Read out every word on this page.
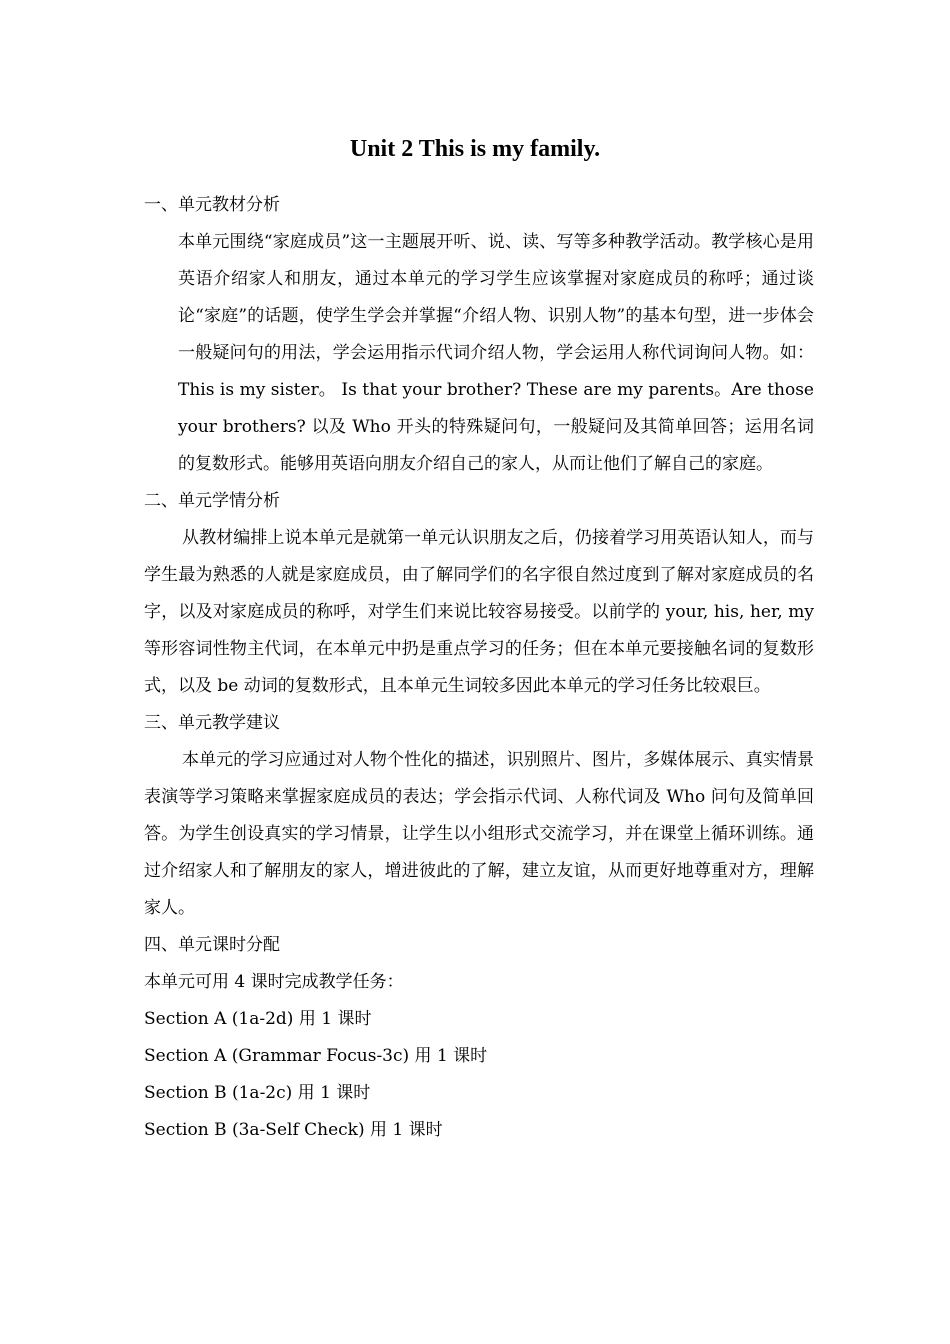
Unit 2 This is my family.

一、单元教材分析

本单元围绕“家庭成员”这一主题展开听、说、读、写等多种教学活动。教学核心是用英语介绍家人和朋友，通过本单元的学习学生应该掌握对家庭成员的称呼；通过谈论“家庭”的话题，使学生学会并掌握“介绍人物、识别人物”的基本句型，进一步体会一般疑问句的用法，学会运用指示代词介绍人物，学会运用人称代词询问人物。如：This is my sister。 Is that your brother? These are my parents。Are those your brothers? 以及 Who 开头的特殊疑问句，一般疑问及其简单回答；运用名词的复数形式。能够用英语向朋友介绍自己的家人，从而让他们了解自己的家庭。

二、单元学情分析

从教材编排上说本单元是就第一单元认识朋友之后，仍接着学习用英语认知人，而与学生最为熟悉的人就是家庭成员，由了解同学们的名字很自然过度到了解对家庭成员的名字，以及对家庭成员的称呼，对学生们来说比较容易接受。以前学的 your, his, her, my 等形容词性物主代词，在本单元中扔是重点学习的任务；但在本单元要接触名词的复数形式，以及 be 动词的复数形式，且本单元生词较多因此本单元的学习任务比较艰巨。

三、单元教学建议

本单元的学习应通过对人物个性化的描述，识别照片、图片，多媒体展示、真实情景表演等学习策略来掌握家庭成员的表达；学会指示代词、人称代词及 Who 问句及简单回答。为学生创设真实的学习情景，让学生以小组形式交流学习，并在课堂上循环训练。通过介绍家人和了解朋友的家人，增进彼此的了解，建立友谊，从而更好地尊重对方，理解家人。

四、单元课时分配

本单元可用 4 课时完成教学任务：

Section A (1a-2d) 用 1 课时

Section A (Grammar Focus-3c) 用 1 课时

Section B (1a-2c) 用 1 课时

Section B (3a-Self Check) 用 1 课时
